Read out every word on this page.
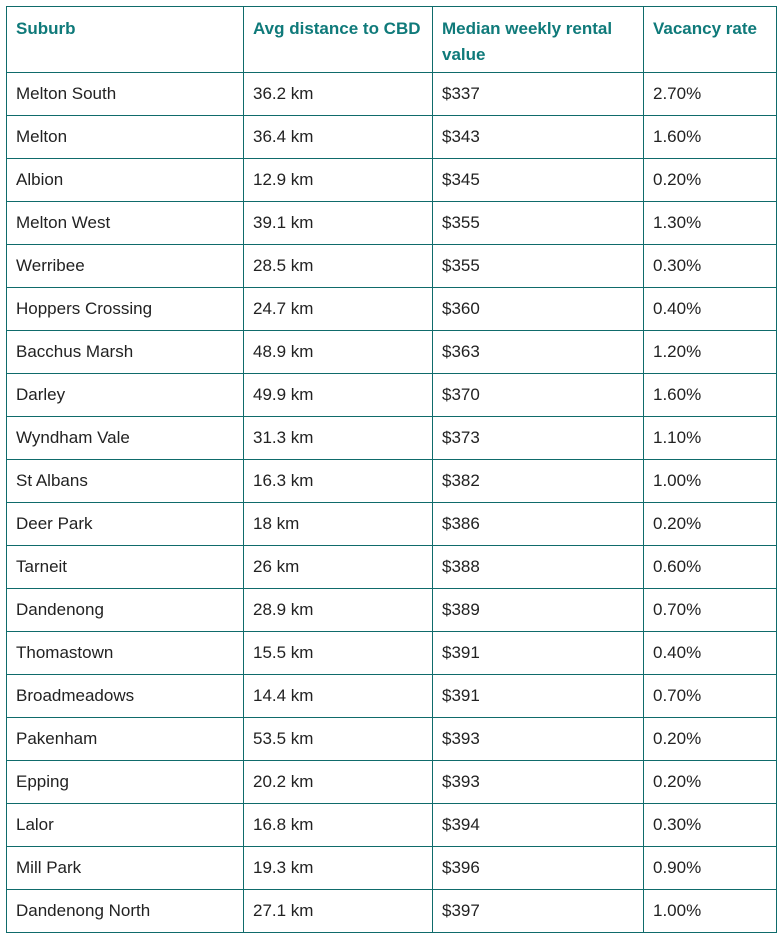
Suburb	Avg distance to CBD	Median weekly rental value	Vacancy rate
Melton South	36.2 km	$337	2.70%
Melton	36.4 km	$343	1.60%
Albion	12.9 km	$345	0.20%
Melton West	39.1 km	$355	1.30%
Werribee	28.5 km	$355	0.30%
Hoppers Crossing	24.7 km	$360	0.40%
Bacchus Marsh	48.9 km	$363	1.20%
Darley	49.9 km	$370	1.60%
Wyndham Vale	31.3 km	$373	1.10%
St Albans	16.3 km	$382	1.00%
Deer Park	18 km	$386	0.20%
Tarneit	26 km	$388	0.60%
Dandenong	28.9 km	$389	0.70%
Thomastown	15.5 km	$391	0.40%
Broadmeadows	14.4 km	$391	0.70%
Pakenham	53.5 km	$393	0.20%
Epping	20.2 km	$393	0.20%
Lalor	16.8 km	$394	0.30%
Mill Park	19.3 km	$396	0.90%
Dandenong North	27.1 km	$397	1.00%
